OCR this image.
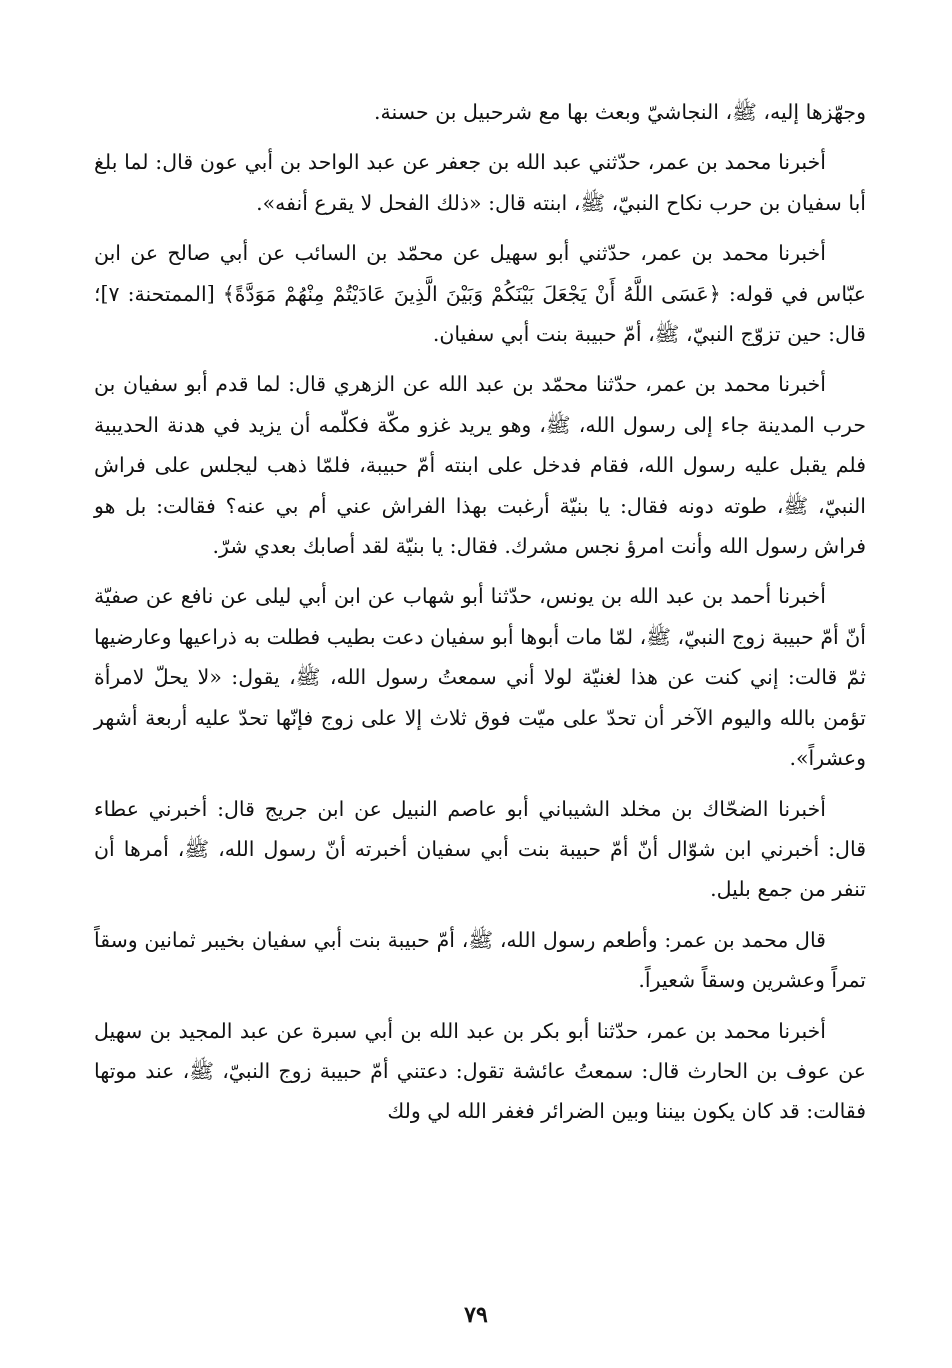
وجهّزها إليه، ﷺ، النجاشيّ وبعث بها مع شرحبيل بن حسنة.

أخبرنا محمد بن عمر، حدّثني عبد الله بن جعفر عن عبد الواحد بن أبي عون قال: لما بلغ أبا سفيان بن حرب نكاح النبيّ، ﷺ، ابنته قال: «ذلك الفحل لا يقرع أنفه».

أخبرنا محمد بن عمر، حدّثني أبو سهيل عن محمّد بن السائب عن أبي صالح عن ابن عبّاس في قوله: ﴿عَسَى اللَّهُ أَنْ يَجْعَلَ بَيْنَكُمْ وَبَيْنَ الَّذِينَ عَادَيْتُمْ مِنْهُمْ مَوَدَّةً﴾ [الممتحنة: ٧]؛ قال: حين تزوّج النبيّ، ﷺ، أمّ حبيبة بنت أبي سفيان.

أخبرنا محمد بن عمر، حدّثنا محمّد بن عبد الله عن الزهري قال: لما قدم أبو سفيان بن حرب المدينة جاء إلى رسول الله، ﷺ، وهو يريد غزو مكّة فكلّمه أن يزيد في هدنة الحديبية فلم يقبل عليه رسول الله، فقام فدخل على ابنته أمّ حبيبة، فلمّا ذهب ليجلس على فراش النبيّ، ﷺ، طوته دونه فقال: يا بنيّة أرغبت بهذا الفراش عني أم بي عنه؟ فقالت: بل هو فراش رسول الله وأنت امرؤ نجس مشرك. فقال: يا بنيّة لقد أصابك بعدي شرّ.

أخبرنا أحمد بن عبد الله بن يونس، حدّثنا أبو شهاب عن ابن أبي ليلى عن نافع عن صفيّة أنّ أمّ حبيبة زوج النبيّ، ﷺ، لمّا مات أبوها أبو سفيان دعت بطيب فطلت به ذراعيها وعارضيها ثمّ قالت: إني كنت عن هذا لغنيّة لولا أني سمعتُ رسول الله، ﷺ، يقول: «لا يحلّ لامرأة تؤمن بالله واليوم الآخر أن تحدّ على ميّت فوق ثلاث إلا على زوج فإنّها تحدّ عليه أربعة أشهر وعشراً».

أخبرنا الضحّاك بن مخلد الشيباني أبو عاصم النبيل عن ابن جريج قال: أخبرني عطاء قال: أخبرني ابن شوّال أنّ أمّ حبيبة بنت أبي سفيان أخبرته أنّ رسول الله، ﷺ، أمرها أن تنفر من جمع بليل.

قال محمد بن عمر: وأطعم رسول الله، ﷺ، أمّ حبيبة بنت أبي سفيان بخيبر ثمانين وسقاً تمراً وعشرين وسقاً شعيراً.

أخبرنا محمد بن عمر، حدّثنا أبو بكر بن عبد الله بن أبي سبرة عن عبد المجيد بن سهيل عن عوف بن الحارث قال: سمعتُ عائشة تقول: دعتني أمّ حبيبة زوج النبيّ، ﷺ، عند موتها فقالت: قد كان يكون بيننا وبين الضرائر فغفر الله لي ولك

٧٩
